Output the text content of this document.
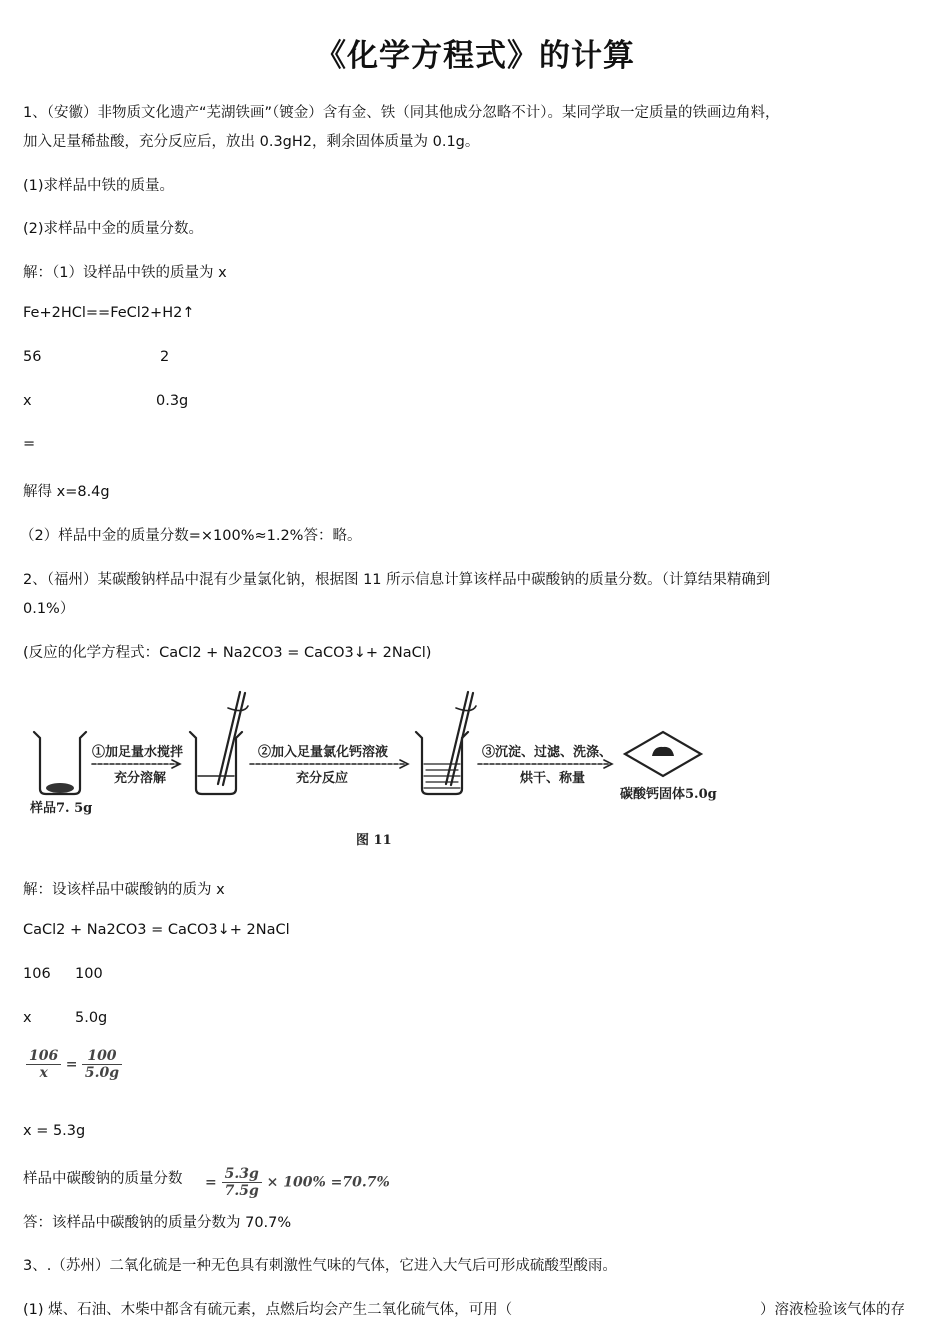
《化学方程式》的计算
1、（安徽）非物质文化遗产“芜湖铁画”（镀金）含有金、铁（同其他成分忽略不计）。某同学取一定质量的铁画边角料，
加入足量稀盐酸，充分反应后，放出 0.3gH2，剩余固体质量为 0.1g。
(1)求样品中铁的质量。
(2)求样品中金的质量分数。
解：（1）设样品中铁的质量为 x
Fe+2HCl==FeCl2+H2↑
56	2
x	0.3g
=
解得 x=8.4g
（2）样品中金的质量分数=×100%≈1.2%答：略。
2、（福州）某碳酸钠样品中混有少量氯化钠，根据图 11 所示信息计算该样品中碳酸钠的质量分数。（计算结果精确到
0.1%）
(反应的化学方程式：CaCl2 + Na2CO3 = CaCO3↓+ 2NaCl)
①加足量水搅拌
充分溶解
②加入足量氯化钙溶液
充分反应
③沉淀、过滤、洗涤、
烘干、称量
样品7. 5g
碳酸钙固体5.0g
图 11
解：设该样品中碳酸钠的质为 x
CaCl2 + Na2CO3 = CaCO3↓+ 2NaCl
106 100
x	5.0g
$\frac{106}{x} = \frac{100}{5.0g}$
x = 5.3g
样品中碳酸钠的质量分数 = $\frac{5.3g}{7.5g} \times 100\% =70.7\%$
答：该样品中碳酸钠的质量分数为 70.7%
3、.（苏州）二氧化硫是一种无色具有刺激性气味的气体，它进入大气后可形成硫酸型酸雨。
(1) 煤、石油、木柴中都含有硫元素，点燃后均会产生二氧化硫气体，可用（	）溶液检验该气体的存
